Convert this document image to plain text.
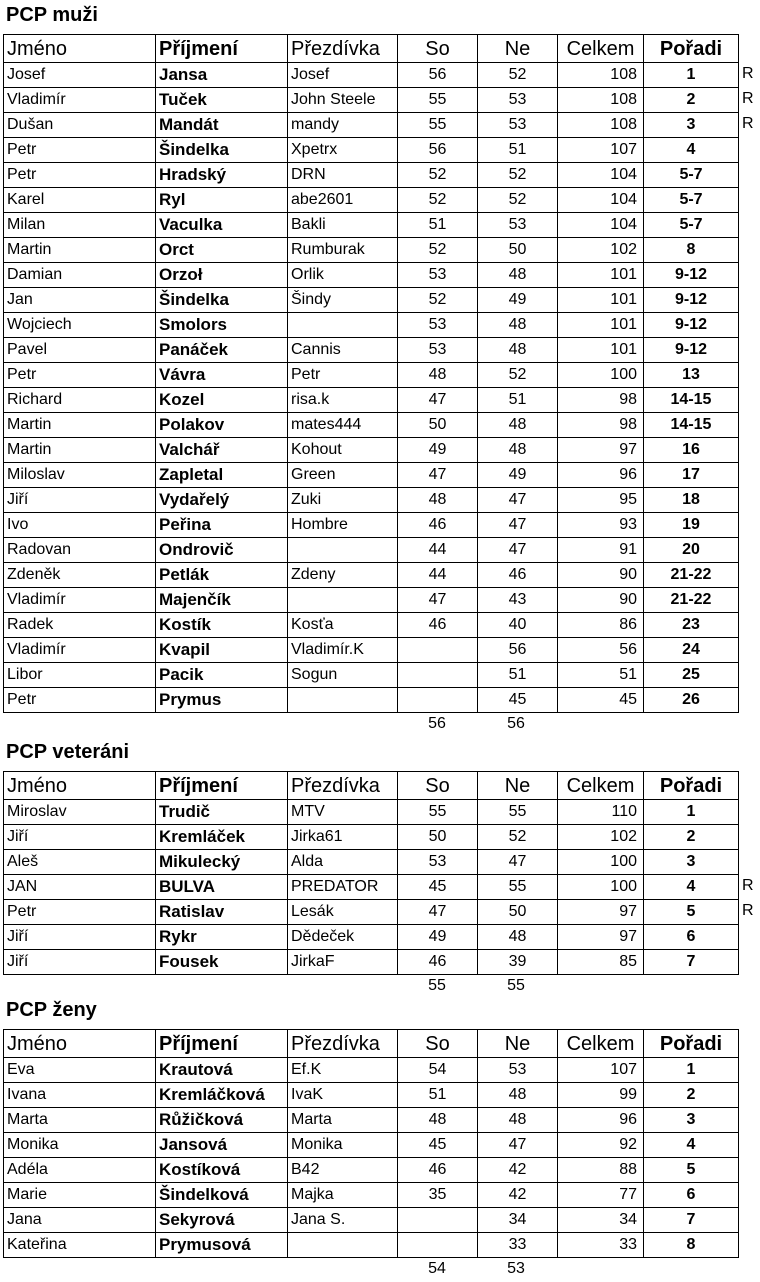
PCP muži
R
R
R
Jméno	Příjmení	Přezdívka	So	Ne	Celkem	Pořadi
Josef	Jansa	Josef	56	52	108	1
Vladimír	Tuček	John Steele	55	53	108	2
Dušan	Mandát	mandy	55	53	108	3
Petr	Šindelka	Xpetrx	56	51	107	4
Petr	Hradský	DRN	52	52	104	5-7
Karel	Ryl	abe2601	52	52	104	5-7
Milan	Vaculka	Bakli	51	53	104	5-7
Martin	Orct	Rumburak	52	50	102	8
Damian	Orzoł	Orlik	53	48	101	9-12
Jan	Šindelka	Šindy	52	49	101	9-12
Wojciech	Smolors		53	48	101	9-12
Pavel	Panáček	Cannis	53	48	101	9-12
Petr	Vávra	Petr	48	52	100	13
Richard	Kozel	risa.k	47	51	98	14-15
Martin	Polakov	mates444	50	48	98	14-15
Martin	Valchář	Kohout	49	48	97	16
Miloslav	Zapletal	Green	47	49	96	17
Jiří	Vydařelý	Zuki	48	47	95	18
Ivo	Peřina	Hombre	46	47	93	19
Radovan	Ondrovič		44	47	91	20
Zdeněk	Petlák	Zdeny	44	46	90	21-22
Vladimír	Majenčík		47	43	90	21-22
Radek	Kostík	Kosťa	46	40	86	23
Vladimír	Kvapil	Vladimír.K		56	56	24
Libor	Pacik	Sogun		51	51	25
Petr	Prymus			45	45	26
56	56
PCP veteráni
R
R
Jméno	Příjmení	Přezdívka	So	Ne	Celkem	Pořadi
Miroslav	Trudič	MTV	55	55	110	1
Jiří	Kremláček	Jirka61	50	52	102	2
Aleš	Mikulecký	Alda	53	47	100	3
JAN	BULVA	PREDATOR	45	55	100	4
Petr	Ratislav	Lesák	47	50	97	5
Jiří	Rykr	Dědeček	49	48	97	6
Jiří	Fousek	JirkaF	46	39	85	7
55	55
PCP ženy
Jméno	Příjmení	Přezdívka	So	Ne	Celkem	Pořadi
Eva	Krautová	Ef.K	54	53	107	1
Ivana	Kremláčková	IvaK	51	48	99	2
Marta	Růžičková	Marta	48	48	96	3
Monika	Jansová	Monika	45	47	92	4
Adéla	Kostíková	B42	46	42	88	5
Marie	Šindelková	Majka	35	42	77	6
Jana	Sekyrová	Jana S.		34	34	7
Kateřina	Prymusová			33	33	8
54	53
